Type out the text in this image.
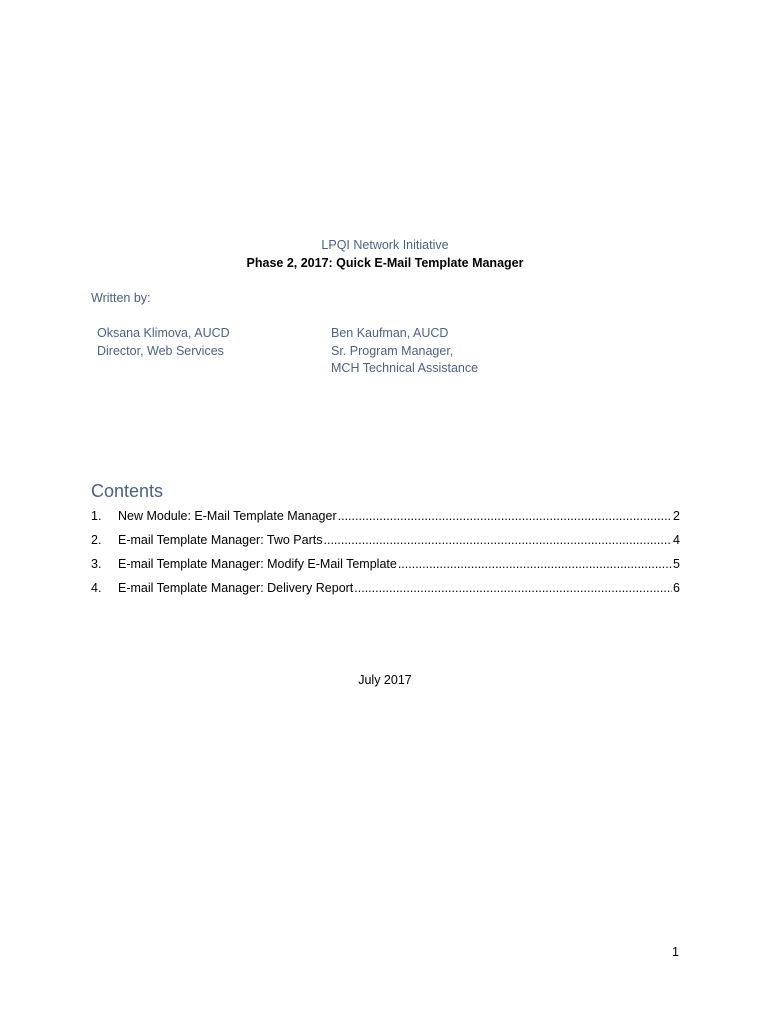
LPQI Network Initiative
Phase 2, 2017: Quick E-Mail Template Manager
Written by:
Oksana Klimova, AUCD
Director, Web Services
Ben Kaufman, AUCD
Sr. Program Manager,
MCH Technical Assistance
Contents
1.	New Module: E-Mail Template Manager .....	2
2.	E-mail Template Manager: Two Parts .....	4
3.	E-mail Template Manager: Modify E-Mail Template .....	5
4.	E-mail Template Manager: Delivery Report .....	6
July 2017
1
